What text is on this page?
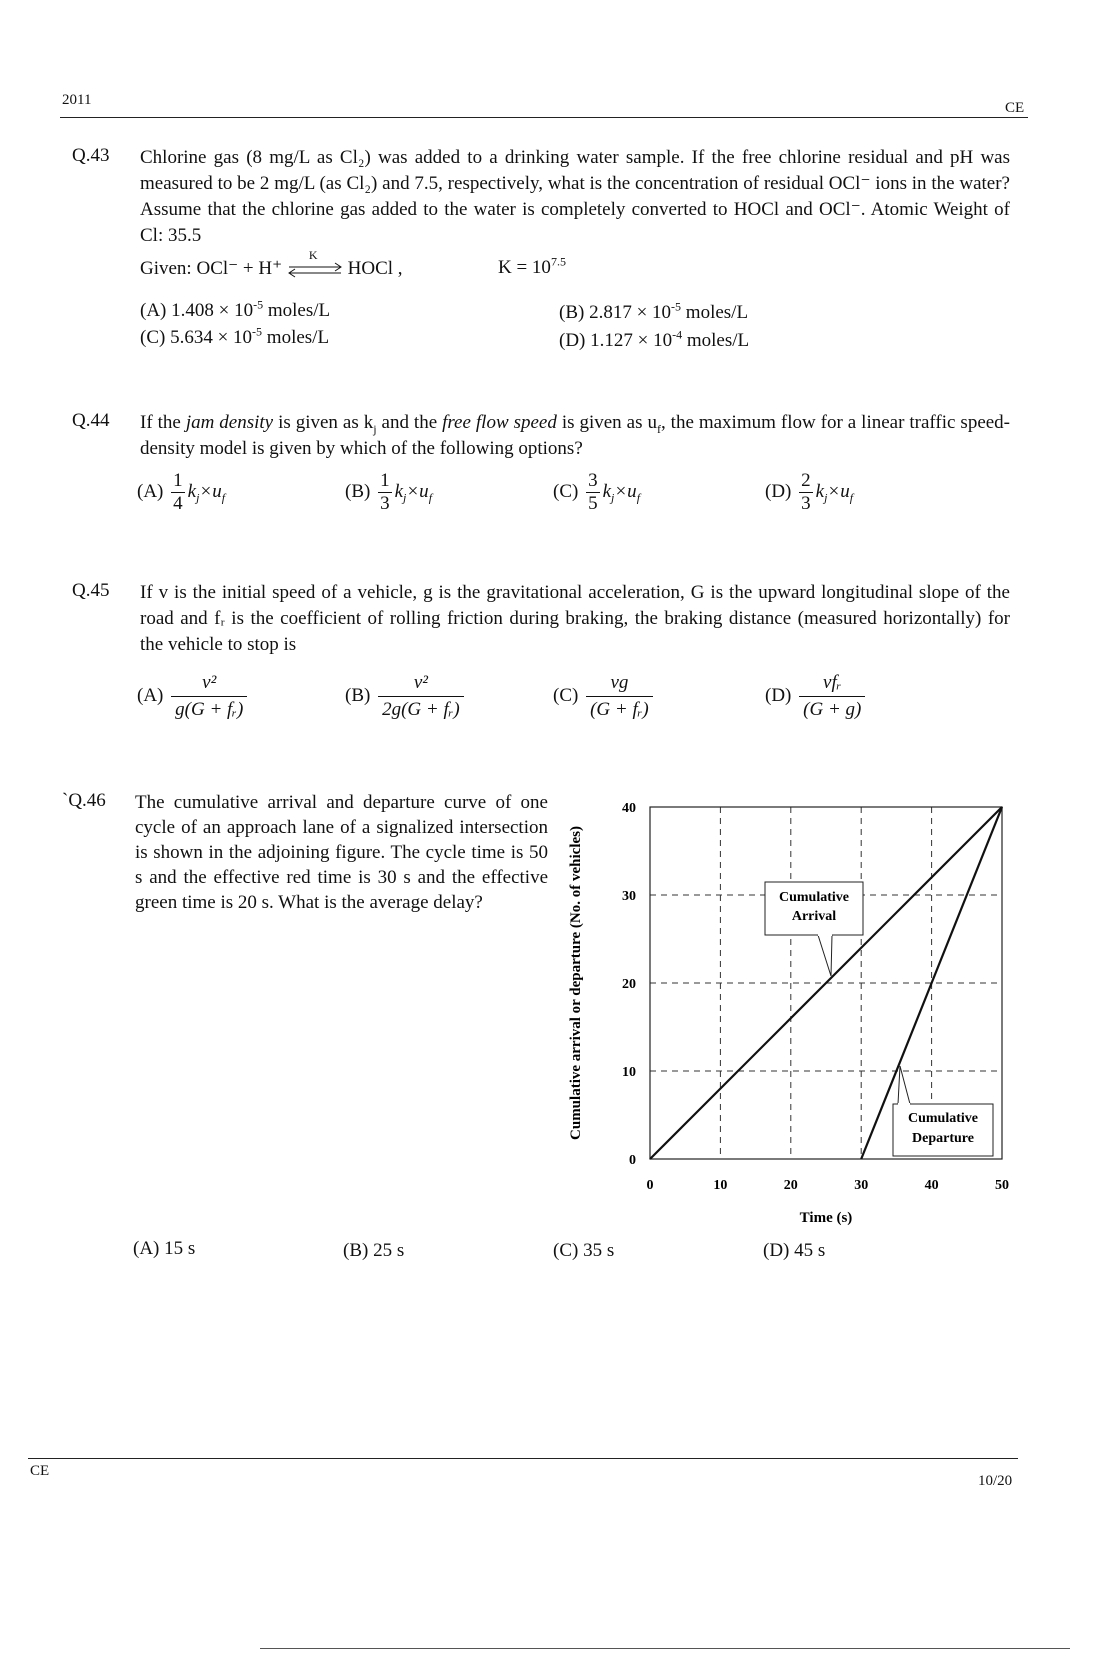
2011	CE
Q.43 Chlorine gas (8 mg/L as Cl₂) was added to a drinking water sample. If the free chlorine residual and pH was measured to be 2 mg/L (as Cl₂) and 7.5, respectively, what is the concentration of residual OCl⁻ ions in the water? Assume that the chlorine gas added to the water is completely converted to HOCl and OCl⁻. Atomic Weight of Cl: 35.5
Given: OCl⁻ + H⁺
K
HOCl ,	$K = 10^{7.5}$
(A) $1.408 \times 10^{-5}$ moles/L	(B) $2.817 \times 10^{-5}$ moles/L
(C) $5.634 \times 10^{-5}$ moles/L	(D) $1.127 \times 10^{-4}$ moles/L
Q.44 If the jam density is given as $k_j$ and the free flow speed is given as $u_f$, the maximum flow for a linear traffic speed-density model is given by which of the following options?
$(A) \frac{1}{4} k_j\times u_f$	$(B) \frac{1}{3} k_j\times u_f$	$(C) \frac{3}{5} k_j\times u_f$	$(D) \frac{2}{3} k_j\times u_f$
Q.45 If v is the initial speed of a vehicle, g is the gravitational acceleration, G is the upward longitudinal slope of the road and fᵣ is the coefficient of rolling friction during braking, the braking distance (measured horizontally) for the vehicle to stop is
$(A) \frac{\text{v²}}{\text{g(G + fᵣ)}}$	$(B) \frac{\text{v²}}{\text{2g(G + fᵣ)}}$	$(C) \frac{vg}{\text{(G + fᵣ)}}$	$(D) \frac{\text{vfᵣ}}{(G + g)}$
`Q.46 The cumulative arrival and departure curve of one cycle of an approach lane of a signalized intersection is shown in the adjoining figure. The cycle time is 50 s and the effective red time is 30 s and the effective green time is 20 s. What is the average delay?
0	10	20	30	40	50
0
10
20
30
40
Cumulative
Arrival
Cumulative
Departure
Time (s)
Cumulative arrival or departure (No. of vehicles)
(A) 15 s	(B) 25 s	(C) 35 s	(D) 45 s
CE
10/20
